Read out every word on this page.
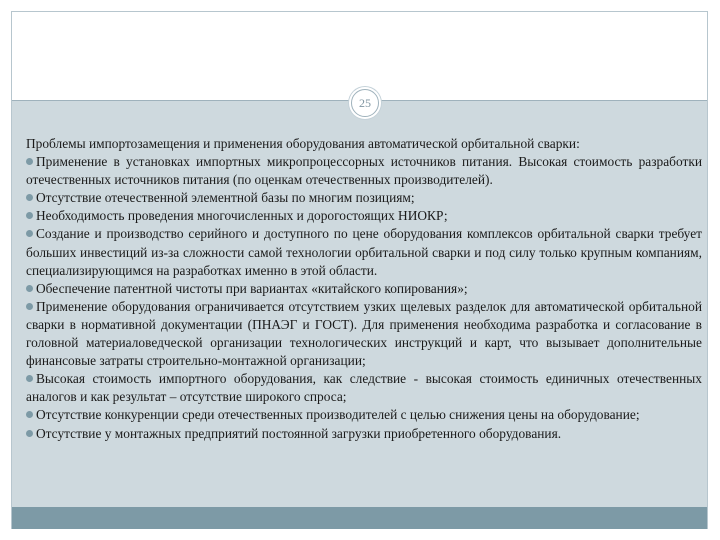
Проблемы импортозамещения и применения оборудования автоматической орбитальной сварки:

Применение в установках импортных микропроцессорных источников питания. Высокая стоимость разработки отечественных источников питания (по оценкам отечественных производителей).

Отсутствие отечественной элементной базы по многим позициям;

Необходимость проведения многочисленных и дорогостоящих НИОКР;

Создание и производство серийного и доступного по цене оборудования комплексов орбитальной сварки требует больших инвестиций из-за сложности самой технологии орбитальной сварки и под силу только крупным компаниям, специализирующимся на разработках именно в этой области.

Обеспечение патентной чистоты при вариантах «китайского копирования»;

Применение оборудования ограничивается отсутствием узких щелевых разделок для автоматической орбитальной сварки в нормативной документации (ПНАЭГ и ГОСТ). Для применения необходима разработка и согласование в головной материаловедческой организации технологических инструкций и карт, что вызывает дополнительные финансовые затраты строительно-монтажной организации;

Высокая стоимость импортного оборудования, как следствие - высокая стоимость единичных отечественных аналогов и как результат – отсутствие широкого спроса;

Отсутствие конкуренции среди отечественных производителей с целью снижения цены на оборудование;

Отсутствие у монтажных предприятий постоянной загрузки приобретенного оборудования.

25
